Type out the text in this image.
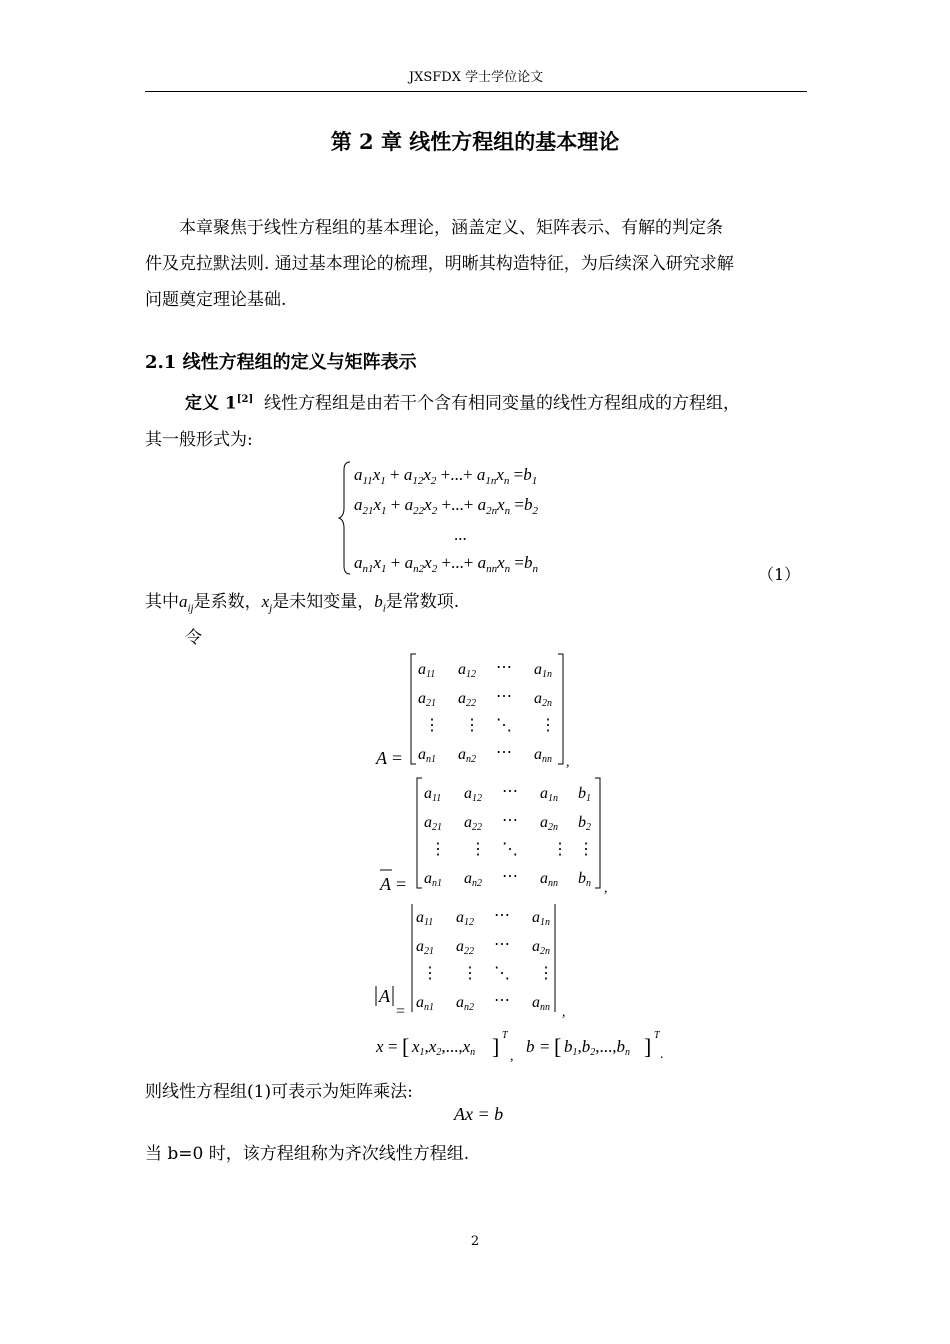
JXSFDX 学士学位论文
第 2 章 线性方程组的基本理论
本章聚焦于线性方程组的基本理论，涵盖定义、矩阵表示、有解的判定条
件及克拉默法则. 通过基本理论的梳理，明晰其构造特征，为后续深入研究求解
问题奠定理论基础.
2.1 线性方程组的定义与矩阵表示
定义 1[2] 线性方程组是由若干个含有相同变量的线性方程组成的方程组，
其一般形式为:
$a_{11}x_1 + a_{12}x_2$ +...+ $a_{1n}x_n =b_1$
$a_{21}x_1 + a_{22}x_2$ +...+ $a_{2n}x_n =b_2$
...
$a_{n1}x_1 + a_{n2}x_2$ +...+ $a_{nn}x_n =b_n$	（1）
其中$a_{ij}$是系数，$x_j$是未知变量，$b_i$是常数项.
令
A =
a11 a12 ⋯ a1n
a21 a22 ⋯ a2n
⋮ ⋮ ⋱ ⋮
an1 an2 ⋯ ann ,
A =
a11 a12 ⋯ a1n b1
a21 a22 ⋯ a2n b2
⋮ ⋮ ⋱ ⋮ ⋮
an1 an2 ⋯ ann bn ,
A
=
a11 a12 ⋯ a1n
a21 a22 ⋯ a2n
⋮ ⋮ ⋱ ⋮
an1 an2 ⋯ ann ,
x = [ x1,x2,...,xn ] T
,
b = [ b1,b2,...,bn ] T
.
则线性方程组(1)可表示为矩阵乘法:
Ax = b
当 b=0 时，该方程组称为齐次线性方程组.
2
